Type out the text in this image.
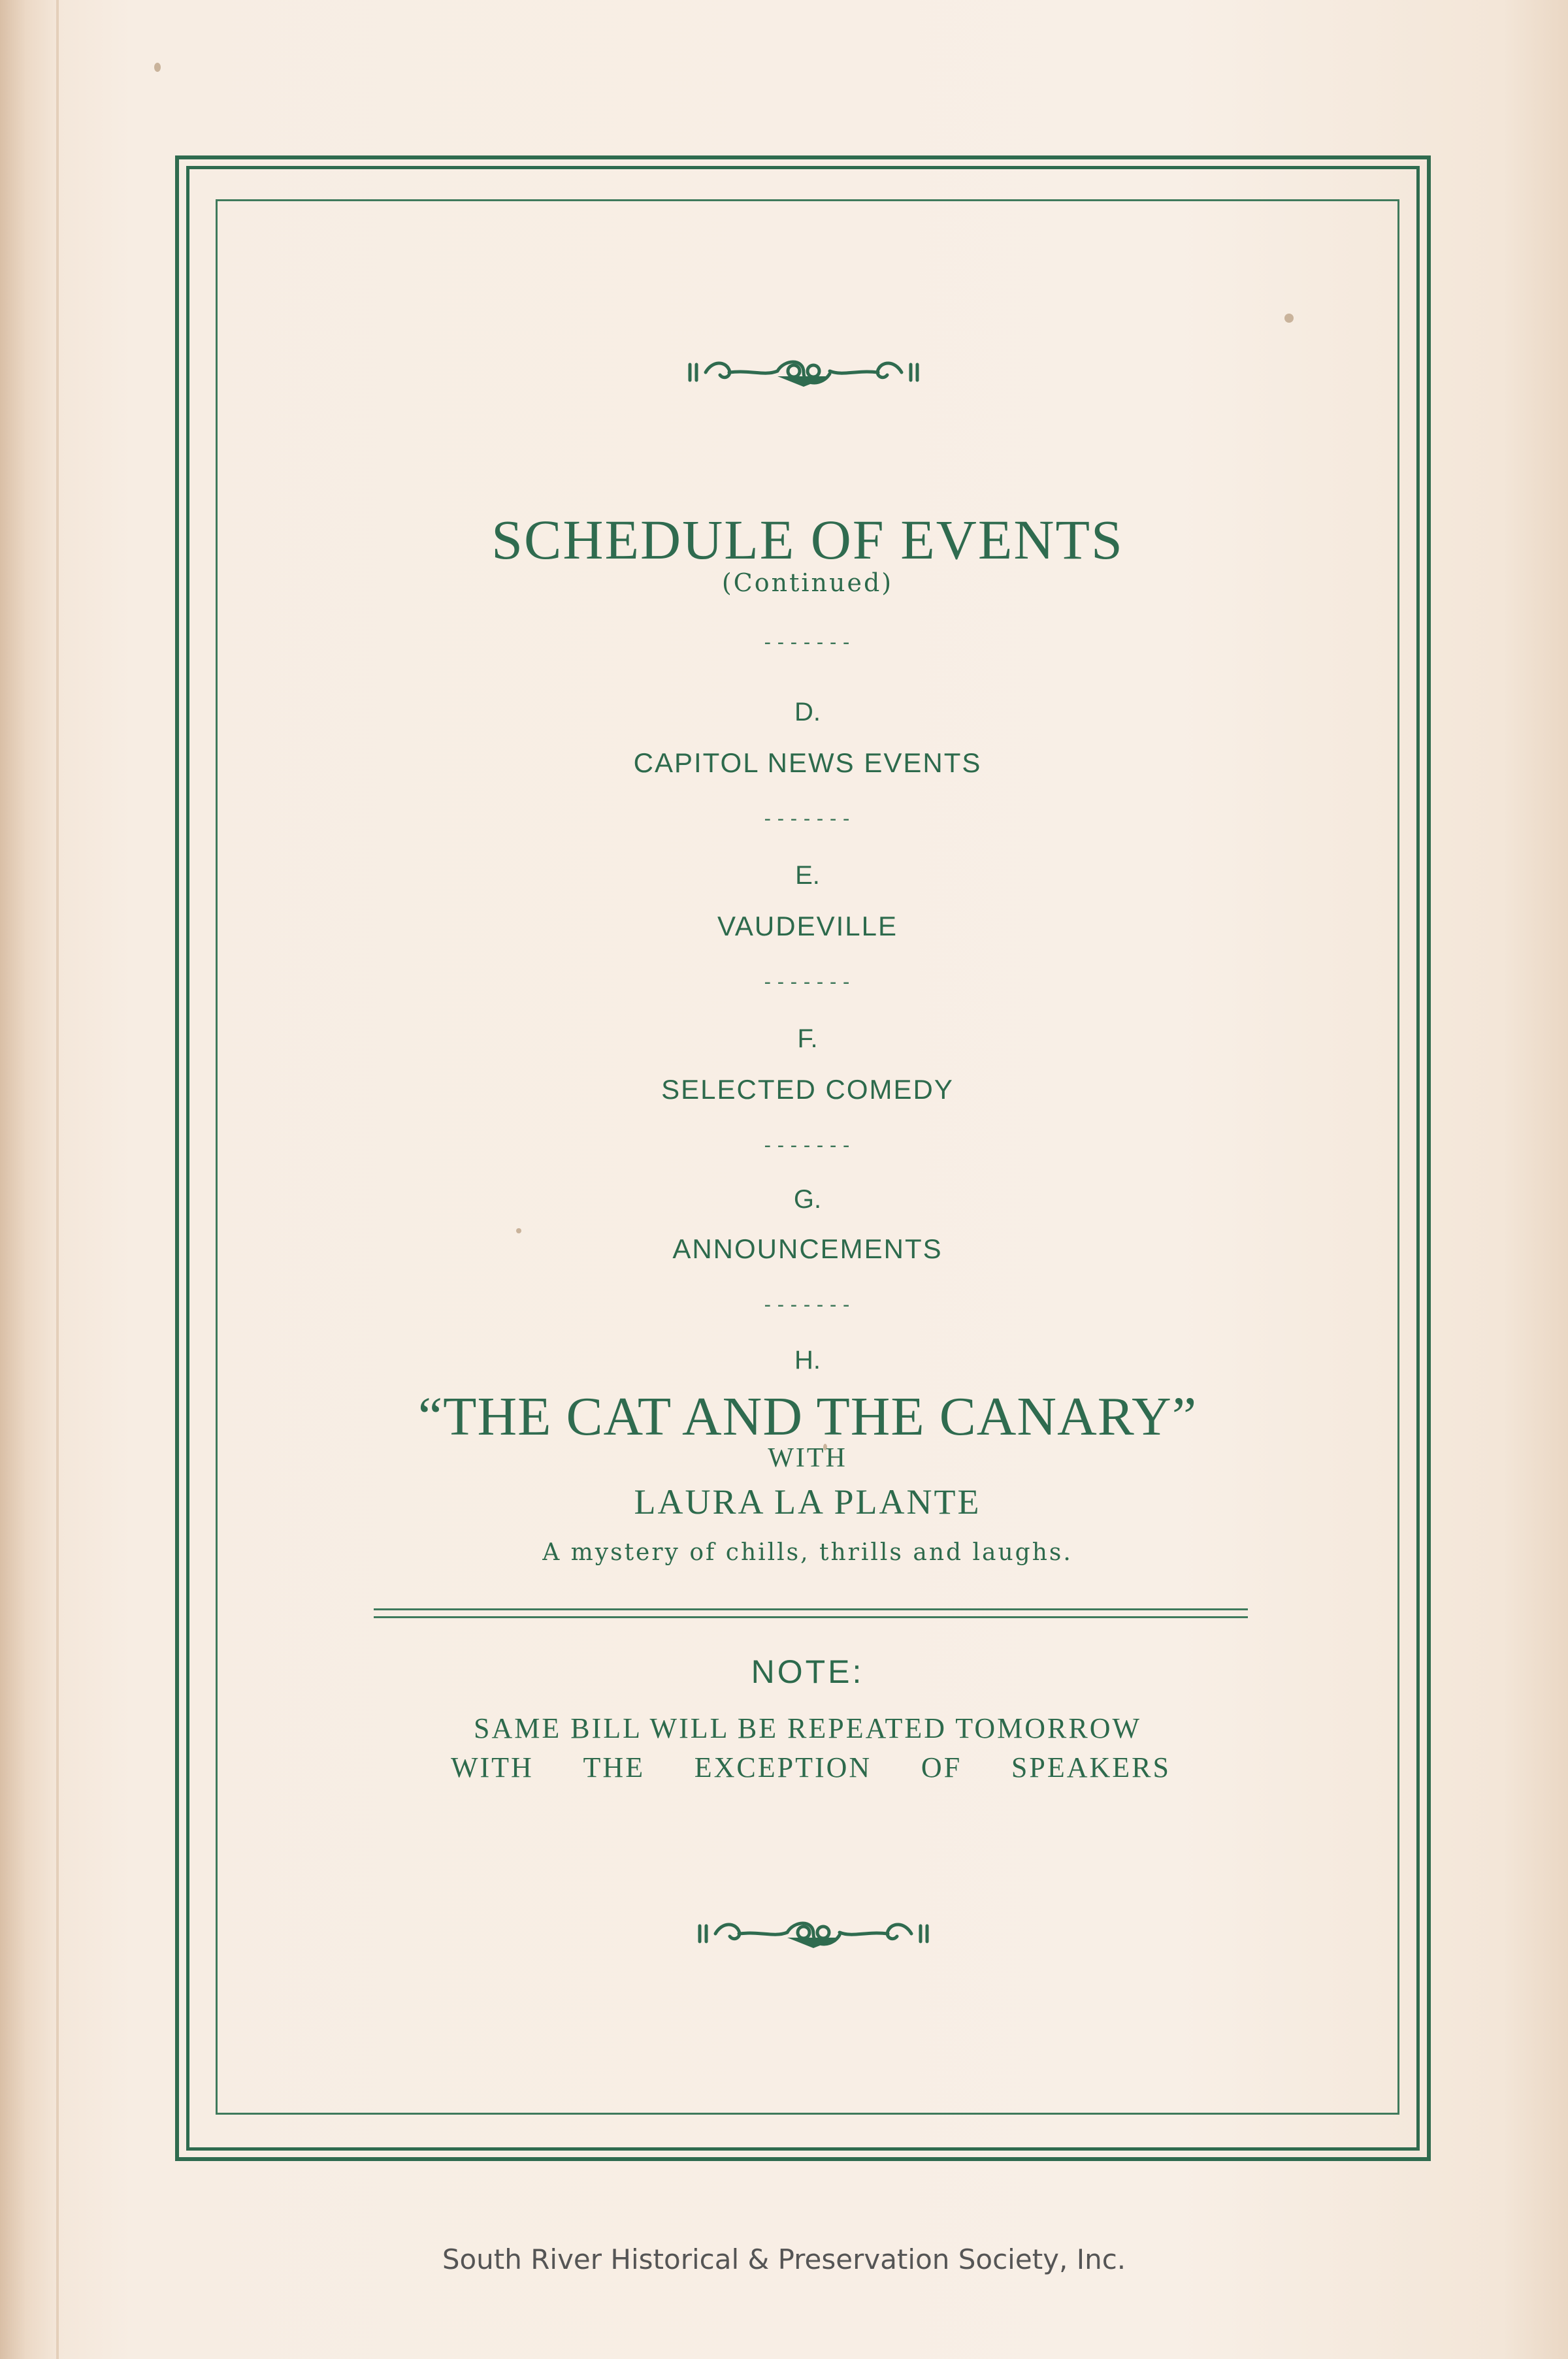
SCHEDULE OF EVENTS
(Continued)
-------
D.
CAPITOL NEWS EVENTS
-------
E.
VAUDEVILLE
-------
F.
SELECTED COMEDY
-------
G.
ANNOUNCEMENTS
-------
H.
“THE CAT AND THE CANARY”
WITH
LAURA LA PLANTE
A mystery of chills, thrills and laughs.
NOTE:
SAME BILL WILL BE REPEATED TOMORROW
WITH THE EXCEPTION OF SPEAKERS
South River Historical & Preservation Society, Inc.
